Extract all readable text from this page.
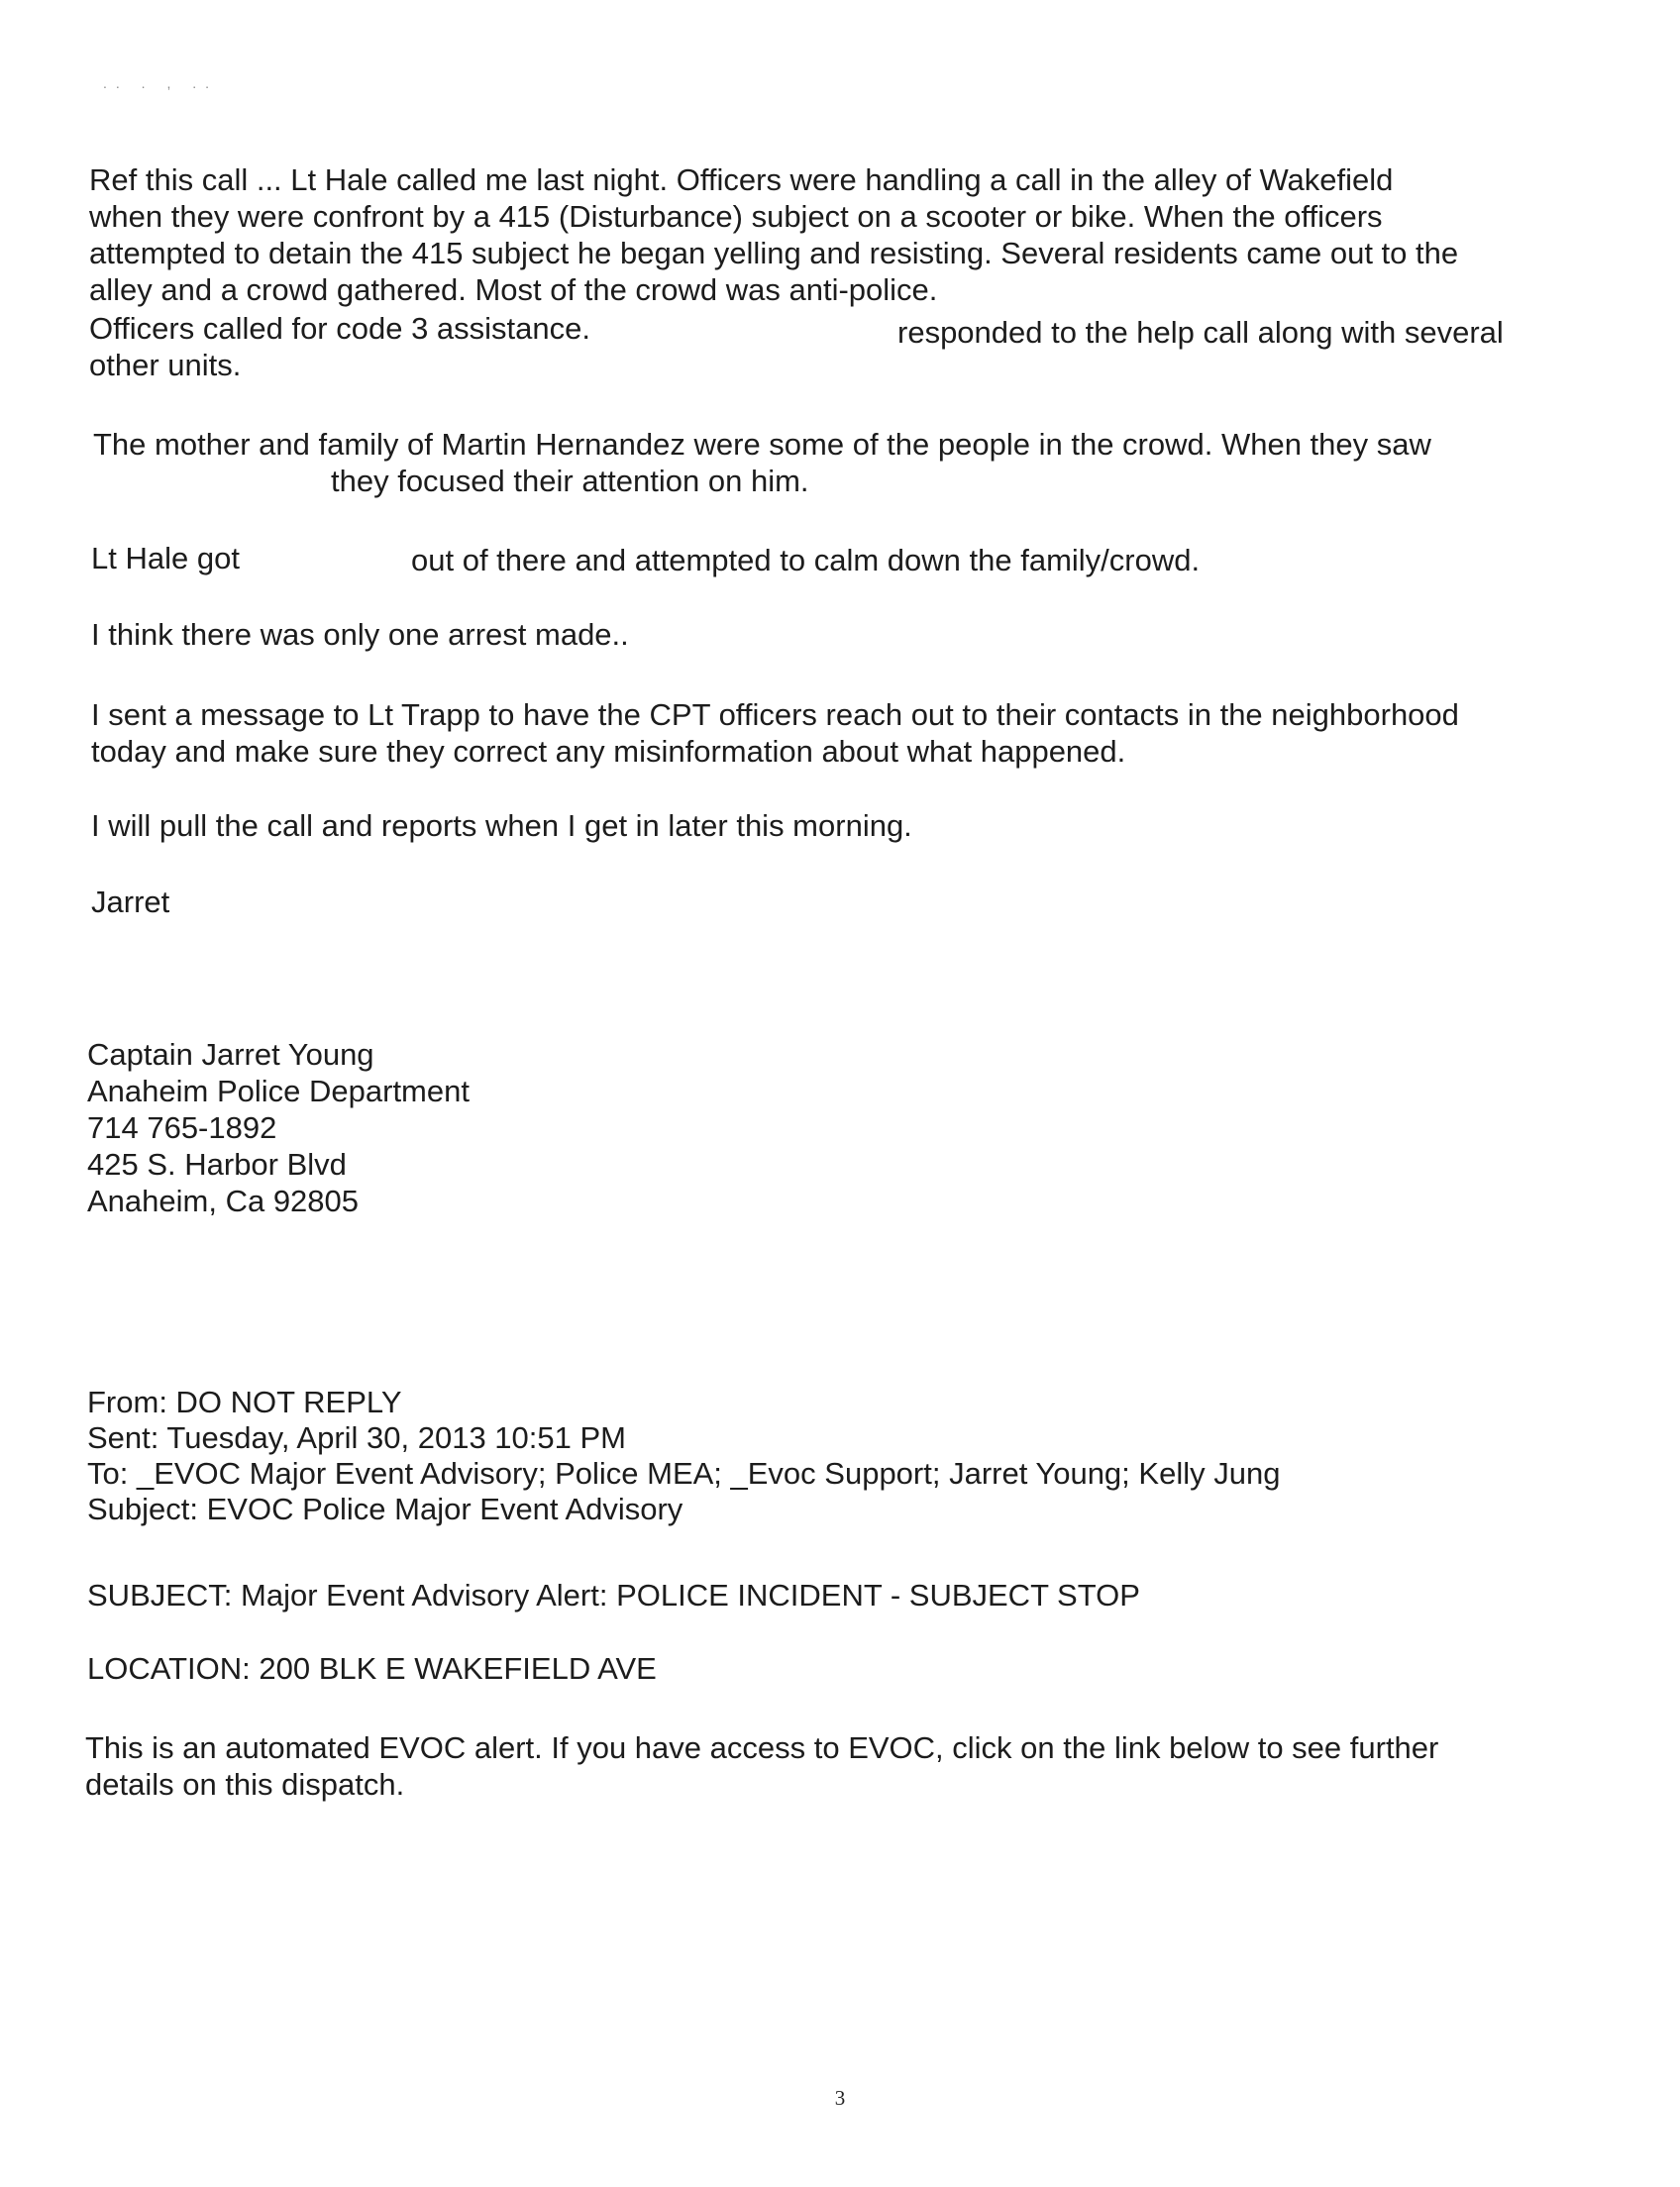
.. . , ..
Ref this call ... Lt Hale called me last night. Officers were handling a call in the alley of Wakefield
when they were confront by a 415 (Disturbance) subject on a scooter or bike. When the officers
attempted to detain the 415 subject he began yelling and resisting. Several residents came out to the
alley and a crowd gathered. Most of the crowd was anti-police.
Officers called for code 3 assistance.	responded to the help call along with several
other units.
The mother and family of Martin Hernandez were some of the people in the crowd. When they saw
they focused their attention on him.
Lt Hale got	out of there and attempted to calm down the family/crowd.
I think there was only one arrest made..
I sent a message to Lt Trapp to have the CPT officers reach out to their contacts in the neighborhood
today and make sure they correct any misinformation about what happened.
I will pull the call and reports when I get in later this morning.
Jarret
Captain Jarret Young
Anaheim Police Department
714 765-1892
425 S. Harbor Blvd
Anaheim, Ca 92805
From: DO NOT REPLY
Sent: Tuesday, April 30, 2013 10:51 PM
To: _EVOC Major Event Advisory; Police MEA; _Evoc Support; Jarret Young; Kelly Jung
Subject: EVOC Police Major Event Advisory
SUBJECT: Major Event Advisory Alert: POLICE INCIDENT - SUBJECT STOP
LOCATION: 200 BLK E WAKEFIELD AVE
This is an automated EVOC alert. If you have access to EVOC, click on the link below to see further
details on this dispatch.
3
